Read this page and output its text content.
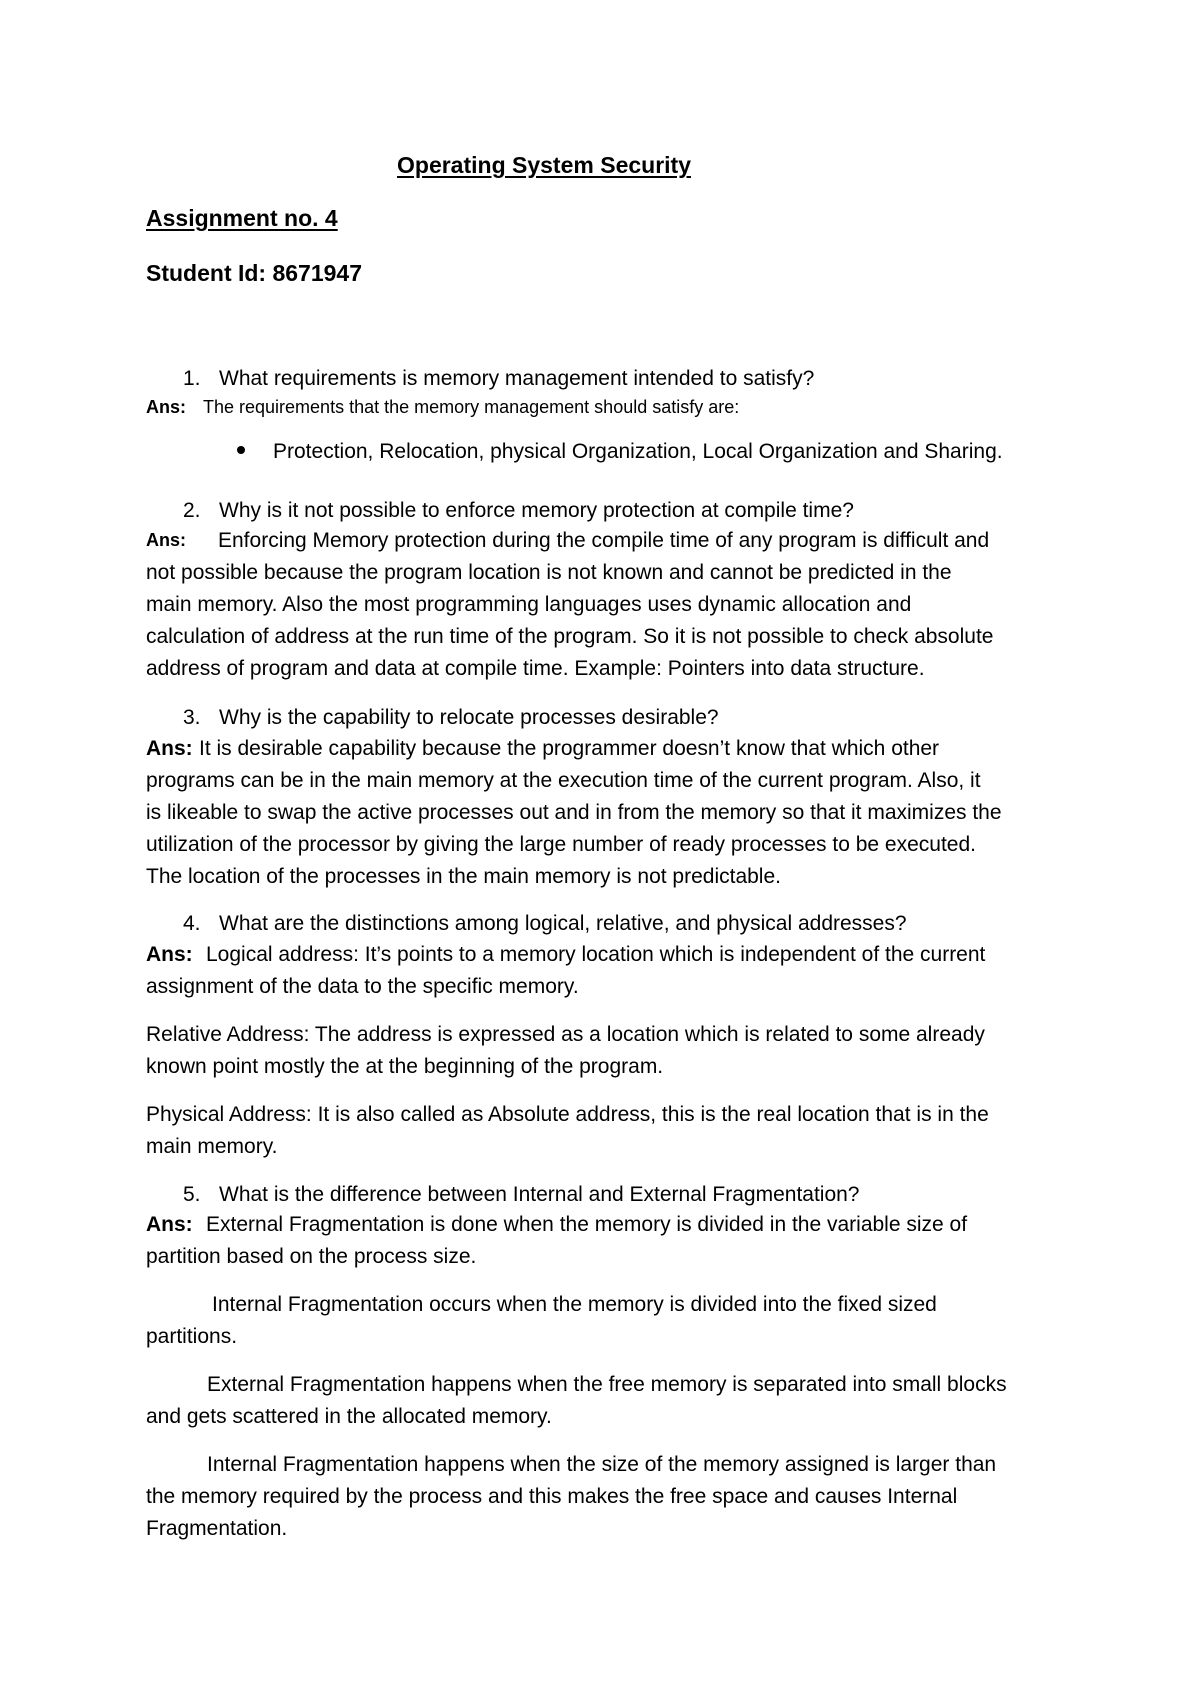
Operating System Security
Assignment no. 4
Student Id: 8671947
1. What requirements is memory management intended to satisfy?
Ans: The requirements that the memory management should satisfy are:
Protection, Relocation, physical Organization, Local Organization and Sharing.
2. Why is it not possible to enforce memory protection at compile time?
Ans: Enforcing Memory protection during the compile time of any program is difficult and
not possible because the program location is not known and cannot be predicted in the
main memory. Also the most programming languages uses dynamic allocation and
calculation of address at the run time of the program. So it is not possible to check absolute
address of program and data at compile time. Example: Pointers into data structure.
3. Why is the capability to relocate processes desirable?
Ans: It is desirable capability because the programmer doesn’t know that which other
programs can be in the main memory at the execution time of the current program. Also, it
is likeable to swap the active processes out and in from the memory so that it maximizes the
utilization of the processor by giving the large number of ready processes to be executed.
The location of the processes in the main memory is not predictable.
4. What are the distinctions among logical, relative, and physical addresses?
Ans: Logical address: It’s points to a memory location which is independent of the current
assignment of the data to the specific memory.
Relative Address: The address is expressed as a location which is related to some already
known point mostly the at the beginning of the program.
Physical Address: It is also called as Absolute address, this is the real location that is in the
main memory.
5. What is the difference between Internal and External Fragmentation?
Ans: External Fragmentation is done when the memory is divided in the variable size of
partition based on the process size.
Internal Fragmentation occurs when the memory is divided into the fixed sized
partitions.
External Fragmentation happens when the free memory is separated into small blocks
and gets scattered in the allocated memory.
Internal Fragmentation happens when the size of the memory assigned is larger than
the memory required by the process and this makes the free space and causes Internal
Fragmentation.
